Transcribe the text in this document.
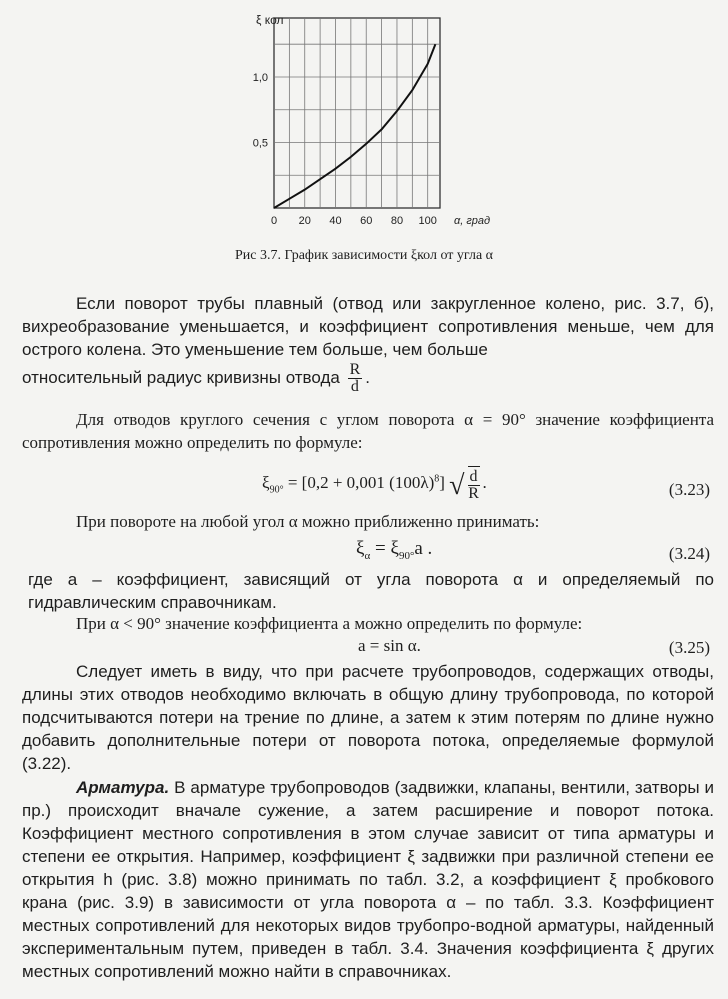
0 20 40 60 80 100
0,5
1,0
α, град
ξ кол
Рис 3.7. График зависимости ξкол от угла α
Если поворот трубы плавный (отвод или закругленное колено, рис. 3.7, б), вихреобразование уменьшается, и коэффициент сопротивления меньше, чем для острого колена. Это уменьшение тем больше, чем больше
относительный радиус кривизны отвода $\frac{R}{d}$ .
Для отводов круглого сечения с углом поворота α = 90° значение коэффициента сопротивления можно определить по формуле:
$\xi_{90^\circ} = [0,2 + 0,001$ $(100\lambda)^8$] √ $\frac{d}{R}$ .	(3.23)
При повороте на любой угол α можно приближенно принимать:
$\xi_\alpha = \xi_{90^\circ}a$ .	(3.24)
где а – коэффициент, зависящий от угла поворота α и определяемый по гидравлическим справочникам.
При α < 90° значение коэффициента а можно определить по формуле:
a = sin α.	(3.25)
Следует иметь в виду, что при расчете трубопроводов, содержащих отводы, длины этих отводов необходимо включать в общую длину трубопровода, по которой подсчитываются потери на трение по длине, а затем к этим потерям по длине нужно добавить дополнительные потери от поворота потока, определяемые формулой (3.22).
Арматура. В арматуре трубопроводов (задвижки, клапаны, вентили, затворы и пр.) происходит вначале сужение, а затем расширение и поворот потока. Коэффициент местного сопротивления в этом случае зависит от типа арматуры и степени ее открытия. Например, коэффициент ξ задвижки при различной степени ее открытия h (рис. 3.8) можно принимать по табл. 3.2, а коэффициент ξ пробкового крана (рис. 3.9) в зависимости от угла поворота α – по табл. 3.3. Коэффициент местных сопротивлений для некоторых видов трубопро-водной арматуры, найденный экспериментальным путем, приведен в табл. 3.4. Значения коэффициента ξ других местных сопротивлений можно найти в справочниках.
